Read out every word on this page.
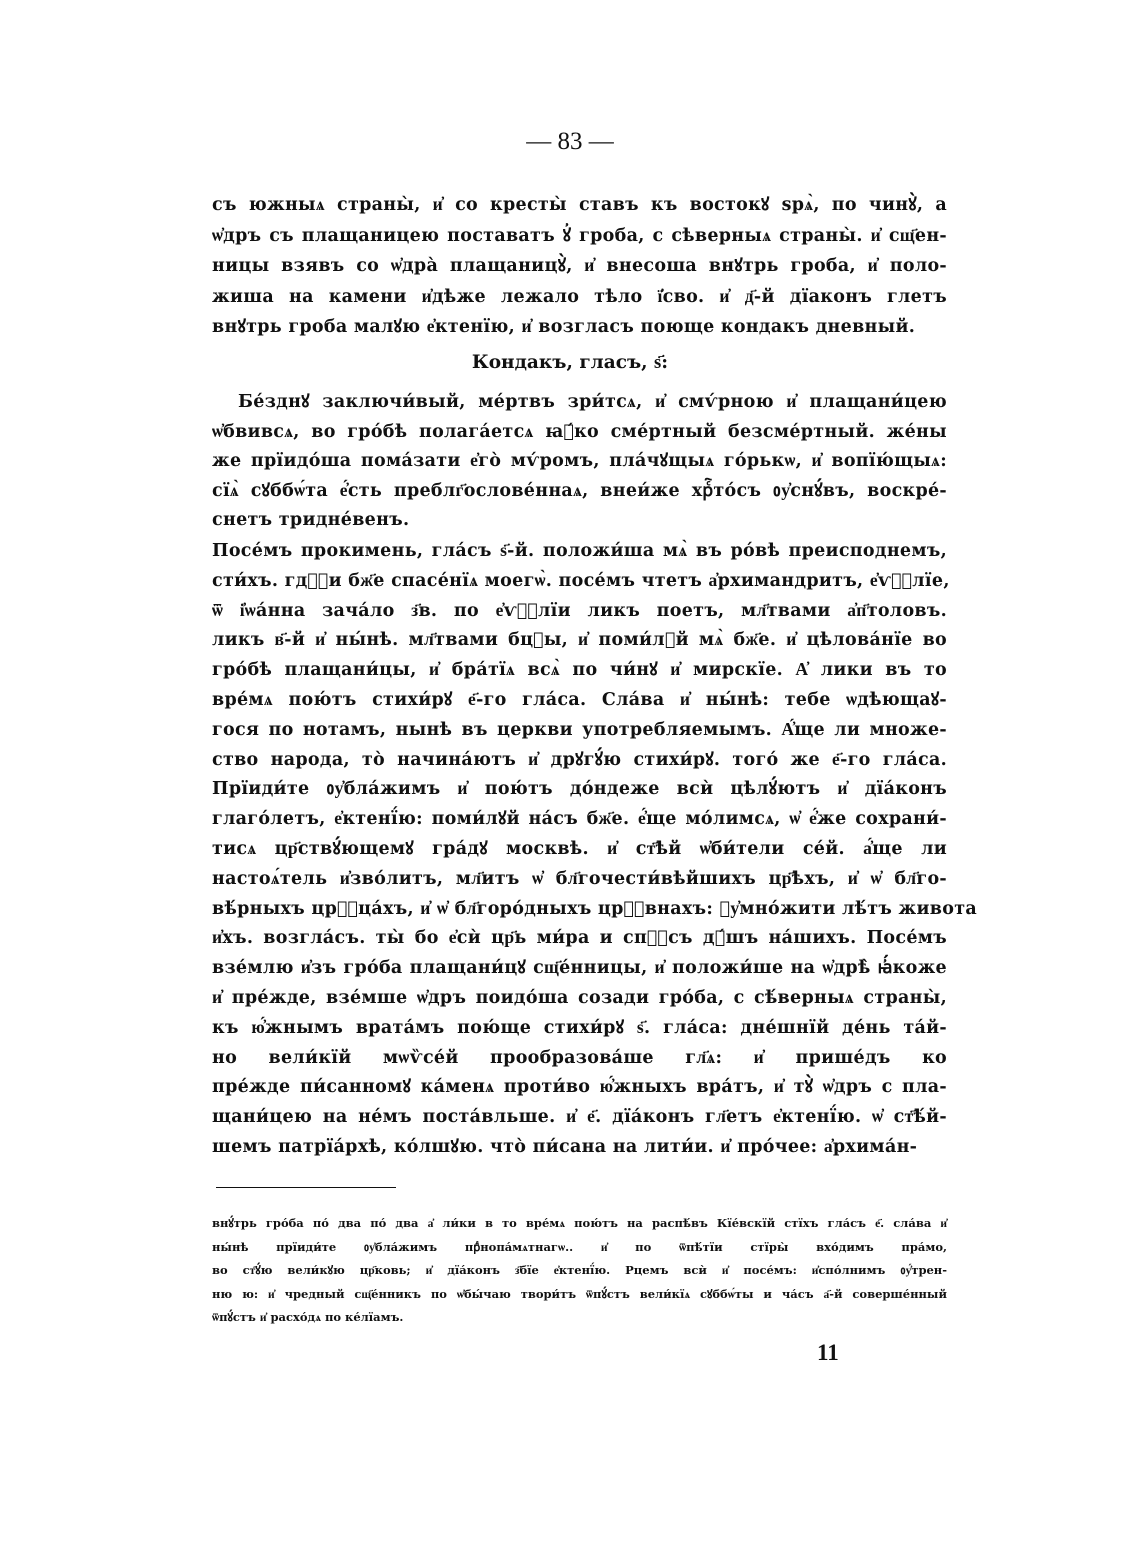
— 83 —
съ южныѧ страны̀, и҆ со кресты̀ ставъ къ востокꙋ ѕрѧ̀, по чинꙋ̀, а
ѡ҆дръ съ плащаницею поставатъ ꙋ҆ гроба, с сѣверныѧ страны̀. и҆ сщ҃ен-
ницы взявъ со ѡ҆дра̀ плащаницꙋ̀, и҆ внесоша внꙋтрь гроба, и҆ поло-
жиша на камени и҆дѣже лежало тѣло ї҆сво. и҆ д҃-й дїаконъ глетъ
внꙋтрь гроба малꙋю е҆ктенїю, и҆ возгласъ поюще кондакъ дневный.
Кондакъ, гласъ, ѕ҃:
Бе́зднꙋ заключи́вый, ме́ртвъ зри́тсѧ, и҆ смѵ́рною и҆ плащани́цею
ѡ҆бвивсѧ, во гро́бѣ полага́етсѧ ꙗ҆́ко сме́ртный безсме́ртный. же́ны
же прїидо́ша пома́зати е҆го̀ мѵ́ромъ, пла́чꙋщыѧ го́рькѡ, и҆ вопїю́щыѧ:
сїѧ̀ сꙋббѡ́та е҆́сть преблг҃ослове́ннаѧ, внеи́же хрⷭ҇то́съ ᲂу҆снꙋ́въ, воскре́-
снетъ тридне́венъ.
Посе́мъ прокимень, гла́съ ѕ҃-й. положи́ша мѧ̀ въ ро́вѣ преисподнемъ,
сти́хъ. гдⷭ҇и бж҃е спасе́нїѧ моегѡ̀. посе́мъ чтетъ а҆рхимандритъ, е҆ѵⷢ҇лїе,
ѿ і҆ѡа́нна зача́ло з҃в. по е҆ѵⷢ҇лїи ликъ поетъ, мл҃твами а҆п҃толовъ.
ликъ в҃-й и҆ ны́нѣ. мл҃твами бцⷣы, и҆ поми́лꙋй мѧ̀ бж҃е. и҆ цѣлова́нїе во
гро́бѣ плащани́цы, и҆ бра́тїѧ всѧ̀ по чи́нꙋ и҆ мирскїе. А҆ лики въ то
вре́мѧ пою́тъ стихи́рꙋ е҃-го гла́са. Сла́ва и҆ ны́нѣ: тебе ѡдѣющаꙋ-
гося по нотамъ, нынѣ въ церкви употребляемымъ. А҆́ще ли множе-
ство народа, то̀ начина́ютъ и҆ дрꙋгꙋ́ю стихи́рꙋ. того́ же е҃-го гла́са.
Прїиди́те ᲂу҆бла́жимъ и҆ пою́тъ до́ндеже всѝ цѣлꙋ́ютъ и҆ дїа́конъ
глаго́летъ, е҆ктенї́ю: поми́лꙋй на́съ бж҃е. е҆́ще мо́лимсѧ, ѡ҆ е҆́же сохрани́-
тисѧ цр҃ствꙋ́ющемꙋ гра́дꙋ москвѣ. и҆ ст҃ѣй ѡ҆би́тели се́й. а҆́ще ли
настоѧ́тель и҆зво́литъ, мл҃итъ ѡ҆ бл҃гочести́вѣйшихъ цр҃ѣхъ, и҆ ѡ҆ бл҃го-
вѣ́рныхъ црⷰ҇ца́хъ, и҆ ѡ҆ бл҃горо́дныхъ црⷡ҇внахъ: ᲂу҆мно́жити лѣ́тъ живота
и҆хъ. возгла́съ. ты̀ бо е҆сѝ цр҃ь ми́ра и спⷭ҇съ дꙋ́шъ на́шихъ. Посе́мъ
взе́млю и҆зъ гро́ба плащани́цꙋ сщ҃е́нницы, и҆ положи́ше на ѡ҆дрѣ̀ ꙗ҆́коже
и҆ пре́жде, взе́мше ѡ҆дръ поидо́ша созади гро́ба, с сѣ́верныѧ страны̀,
къ ю҆́жнымъ врата́мъ пою́ще стихи́рꙋ ѕ҃. гла́са: дне́шнїй де́нь та́й-
но вели́кїй мѡѷсе́й прообразова́ше гл҃ѧ: и҆ прише́дъ ко
пре́жде пи́санномꙋ ка́менѧ проти́во ю҆́жныхъ вра́тъ, и҆ тꙋ̀ ѡ҆дръ с пла-
щани́цею на не́мъ поста́вльше. и҆ е҃. дїа́конъ гл҃етъ е҆ктенї́ю. ѡ҆ ст҃ѣ́й-
шемъ патрїа́рхѣ, ко́лшꙋю. что̀ пи́сана на лити́и. и҆ про́чее: а҆рхима́н-
внꙋ́трь гро́ба по́ два по́ два а҆ ли́ки в то вре́мѧ пою́тъ на распѣ́въ Кїе́вскїй стїхъ гла́съ е҃. сла́ва и҆
ны́нѣ прїиди́те ᲂу҆бла́жимъ прⷣнопа́мѧтнагѡ.. и҆ по ѿпѣ́тїи стїры̀ вхо́димъ пра́мо,
во ст҃ꙋ́ю вели́кꙋю цр҃ковь; и҆ дїа́конъ з҃бїе е҆ктенї́ю. Рцемъ всѝ и҆ посе́мъ: и҆спо́лнимъ ᲂу҆́трен-
ню ю: и҆ чредный сщ҃е́нникъ по ѡ҆бы́чаю твори́тъ ѿпꙋ́стъ вели́кїѧ сꙋббѡ́ты и ча́съ а҃-й соверше́нный
ѿпꙋ́стъ и҆ расхо́дѧ по ке́лїамъ.
11
